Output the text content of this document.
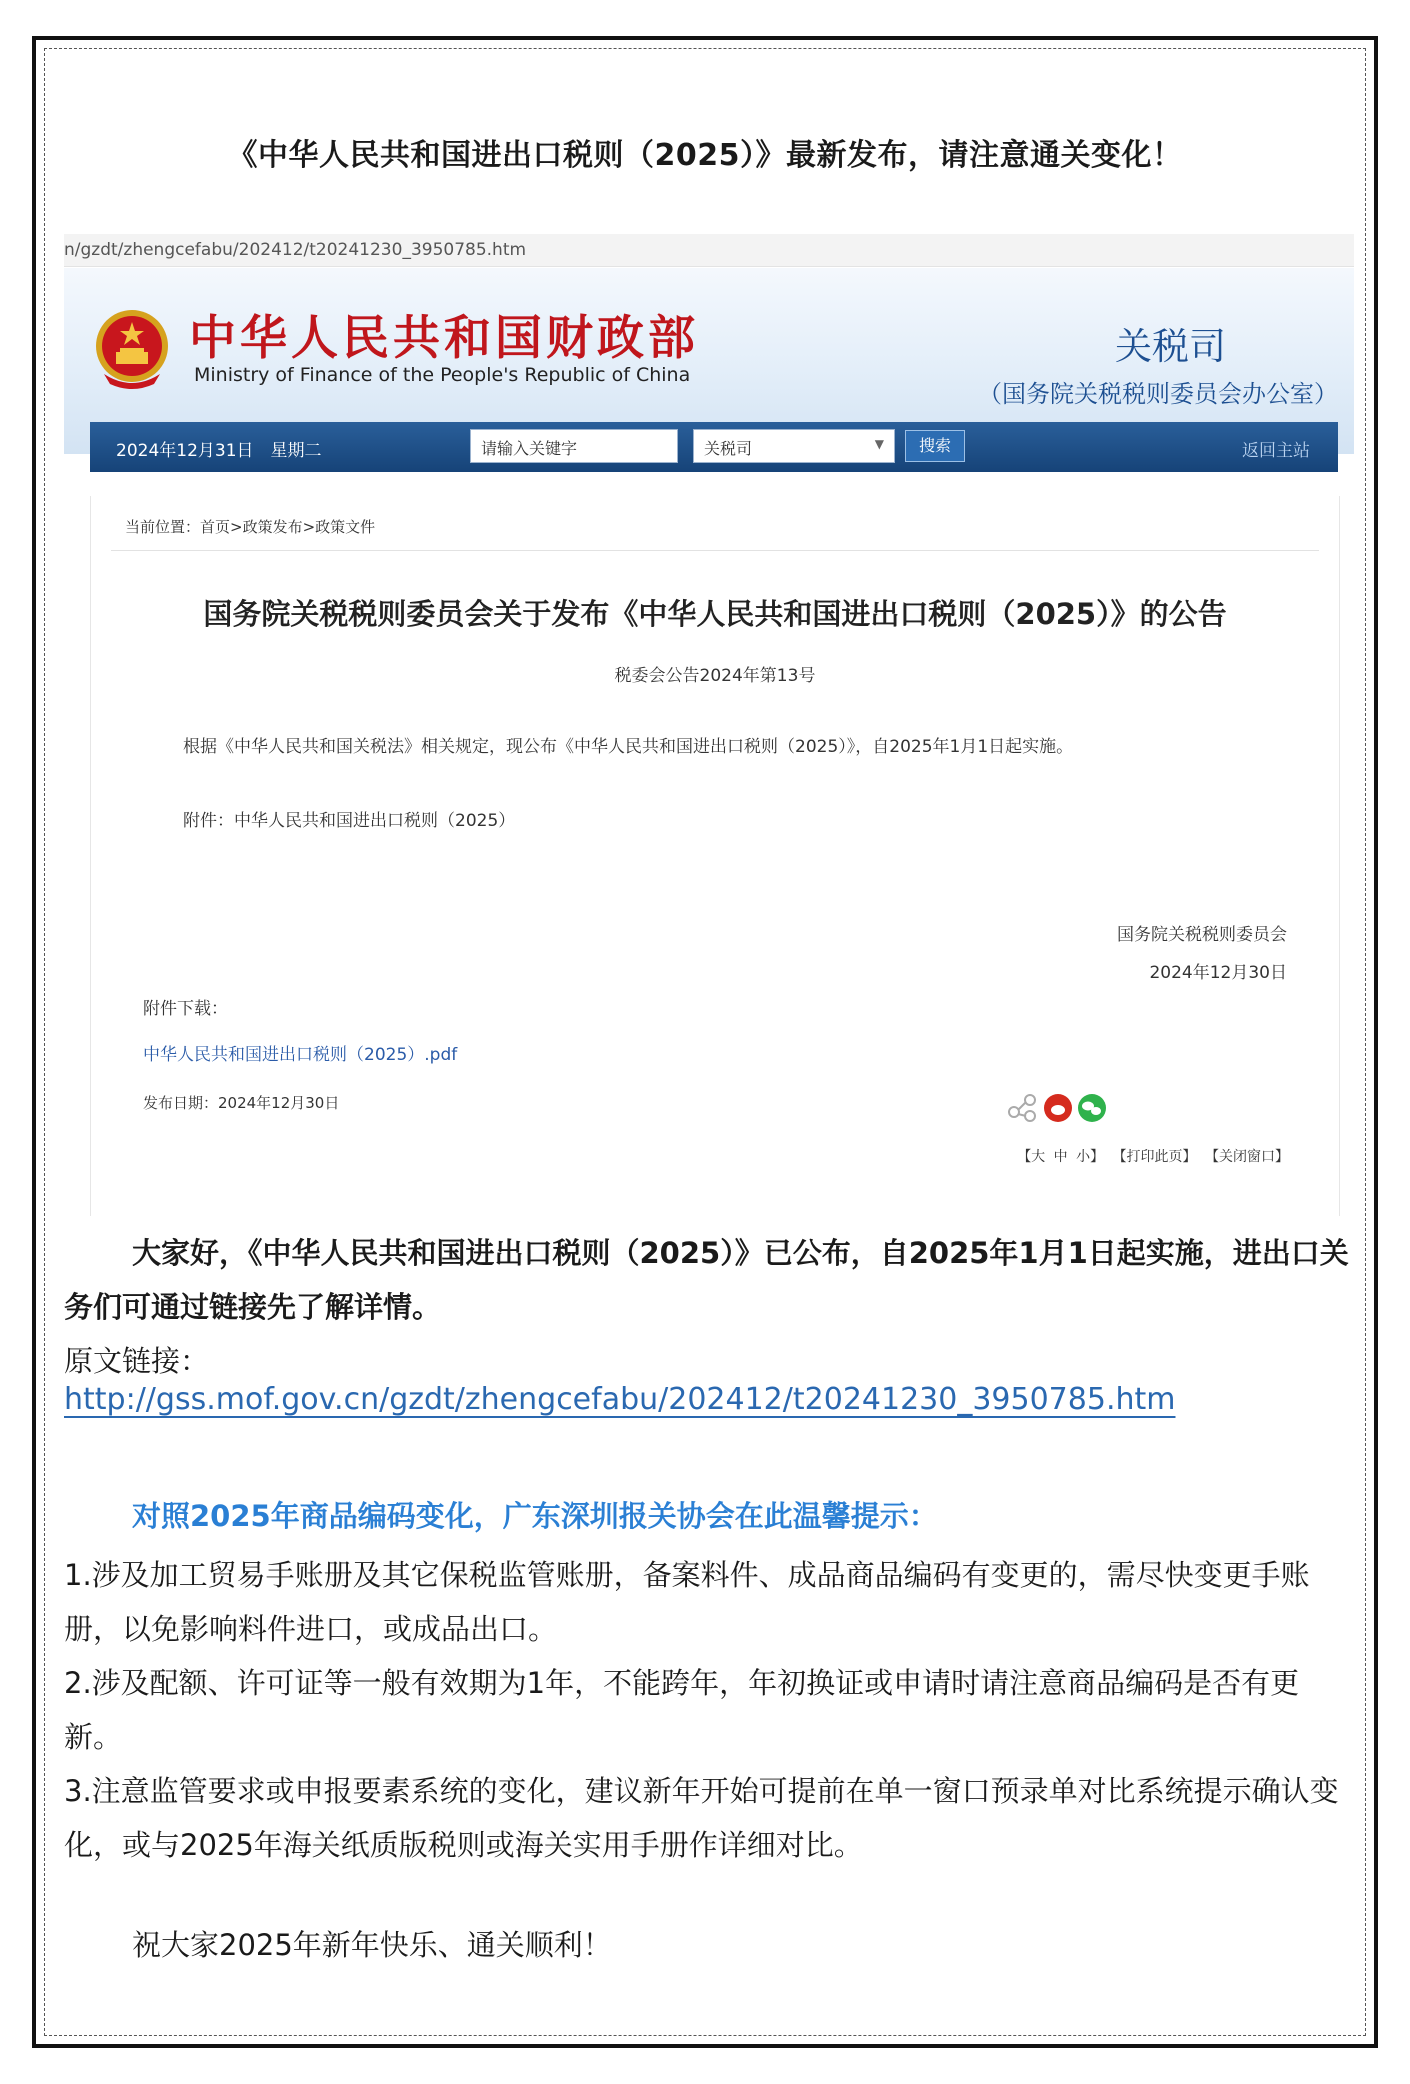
《中华人民共和国进出口税则（2025）》最新发布，请注意通关变化！
n/gzdt/zhengcefabu/202412/t20241230_3950785.htm
中华人民共和国财政部
Ministry of Finance of the People's Republic of China
关税司
（国务院关税税则委员会办公室）
2024年12月31日　星期二	请输入关键字	关税司	▼	搜索	返回主站
当前位置：首页>政策发布>政策文件
国务院关税税则委员会关于发布《中华人民共和国进出口税则（2025）》的公告
税委会公告2024年第13号
根据《中华人民共和国关税法》相关规定，现公布《中华人民共和国进出口税则（2025）》，自2025年1月1日起实施。
附件：中华人民共和国进出口税则（2025）
国务院关税税则委员会
2024年12月30日
附件下载：
中华人民共和国进出口税则（2025）.pdf
发布日期：2024年12月30日
【大 中 小】 【打印此页】 【关闭窗口】
大家好，《中华人民共和国进出口税则（2025）》已公布，自2025年1月1日起实施，进出口关务们可通过链接先了解详情。
原文链接：
http://gss.mof.gov.cn/gzdt/zhengcefabu/202412/t20241230_3950785.htm
对照2025年商品编码变化，广东深圳报关协会在此温馨提示：
1.涉及加工贸易手账册及其它保税监管账册，备案料件、成品商品编码有变更的，需尽快变更手账册，以免影响料件进口，或成品出口。
2.涉及配额、许可证等一般有效期为1年，不能跨年，年初换证或申请时请注意商品编码是否有更新。
3.注意监管要求或申报要素系统的变化，建议新年开始可提前在单一窗口预录单对比系统提示确认变化，或与2025年海关纸质版税则或海关实用手册作详细对比。
祝大家2025年新年快乐、通关顺利！
